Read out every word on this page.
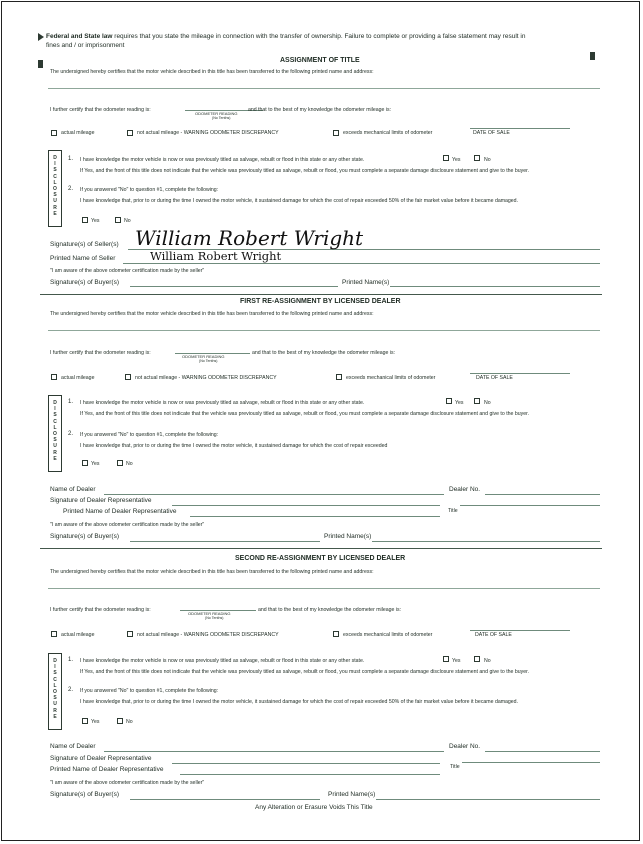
Federal and State law requires that you state the mileage in connection with the transfer of ownership. Failure to complete or providing a false statement may result in
fines and / or imprisonment
ASSIGNMENT OF TITLE
The undersigned hereby certifies that the motor vehicle described in this title has been transferred to the following printed name and address:
I further certify that the odometer reading is:
ODOMETER READING
(No Tenths)
and that to the best of my knowledge the odometer mileage is:
actual mileage	not actual mileage - WARNING ODOMETER DISCREPANCY	exceeds mechanical limits of odometer	DATE OF SALE
D
I
S
C
L
O
S
U
R
E
1. I have knowledge the motor vehicle is now or was previously titled as salvage, rebuilt or flood in this state or any other state.	Yes	No
If Yes, and the front of this title does not indicate that the vehicle was previously titled as salvage, rebuilt or flood, you must complete a separate damage disclosure statement and give to the buyer.
2. If you answered "No" to question #1, complete the following:
I have knowledge that, prior to or during the time I owned the motor vehicle, it sustained damage for which the cost of repair exceeded 50% of the fair market value before it became damaged.
Yes	No
Signature(s) of Seller(s) William Robert Wright
Printed Name of Seller	William Robert Wright
"I am aware of the above odometer certification made by the seller"
Signature(s) of Buyer(s)	Printed Name(s)
FIRST RE-ASSIGNMENT BY LICENSED DEALER
The undersigned hereby certifies that the motor vehicle described in this title has been transferred to the following printed name and address:
I further certify that the odometer reading is:
ODOMETER READING
(No Tenths)
and that to the best of my knowledge the odometer mileage is:
actual mileage	not actual mileage - WARNING ODOMETER DISCREPANCY	exceeds mechanical limits of odometer	DATE OF SALE
D
I
S
C
L
O
S
U
R
E
1. I have knowledge the motor vehicle is now or was previously titled as salvage, rebuilt or flood in this state or any other state.	Yes	No
If Yes, and the front of this title does not indicate that the vehicle was previously titled as salvage, rebuilt or flood, you must complete a separate damage disclosure statement and give to the buyer.
2. If you answered "No" to question #1, complete the following:
I have knowledge that, prior to or during the time I owned the motor vehicle, it sustained damage for which the cost of repair exceeded
Yes	No
Name of Dealer	Dealer No.
Signature of Dealer Representative
Printed Name of Dealer Representative	Title
"I am aware of the above odometer certification made by the seller"
Signature(s) of Buyer(s)	Printed Name(s)
SECOND RE-ASSIGNMENT BY LICENSED DEALER
The undersigned hereby certifies that the motor vehicle described in this title has been transferred to the following printed name and address:
I further certify that the odometer reading is:
ODOMETER READING
(No Tenths)
and that to the best of my knowledge the odometer mileage is:
actual mileage	not actual mileage - WARNING ODOMETER DISCREPANCY	exceeds mechanical limits of odometer	DATE OF SALE
D
I
S
C
L
O
S
U
R
E
1. I have knowledge the motor vehicle is now or was previously titled as salvage, rebuilt or flood in this state or any other state.	Yes	No
If Yes, and the front of this title does not indicate that the vehicle was previously titled as salvage, rebuilt or flood, you must complete a separate damage disclosure statement and give to the buyer.
2. If you answered "No" to question #1, complete the following:
I have knowledge that, prior to or during the time I owned the motor vehicle, it sustained damage for which the cost of repair exceeded 50% of the fair market value before it became damaged.
Yes	No
Name of Dealer	Dealer No.
Signature of Dealer Representative
Printed Name of Dealer Representative	Title
"I am aware of the above odometer certification made by the seller"
Signature(s) of Buyer(s)	Printed Name(s)
Any Alteration or Erasure Voids This Title
